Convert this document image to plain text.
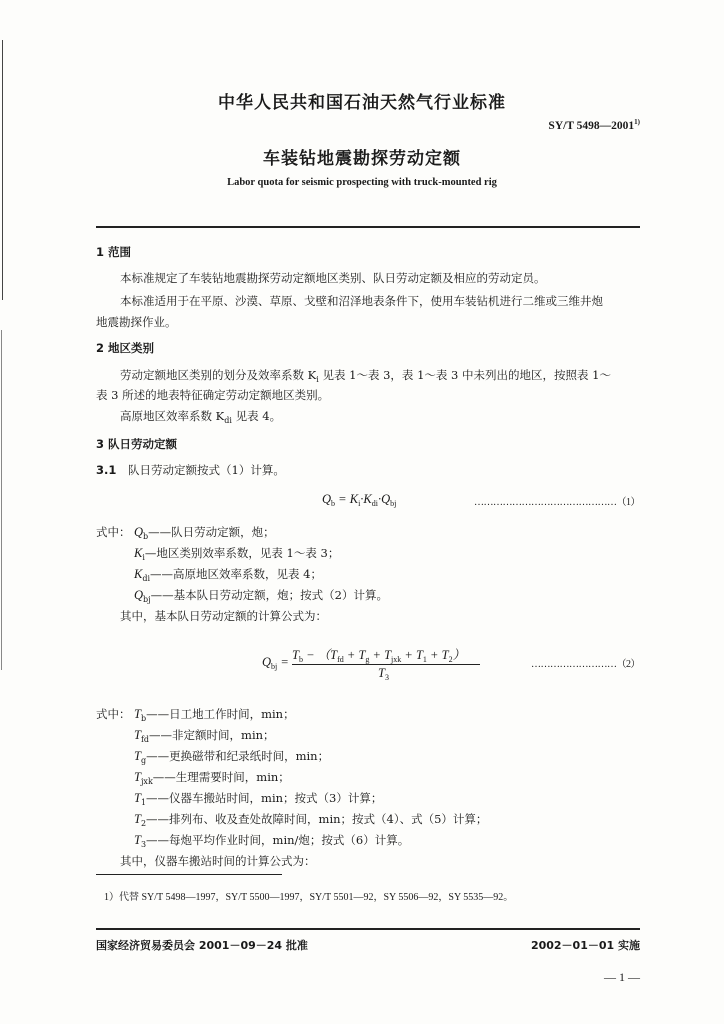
中华人民共和国石油天然气行业标准
SY/T 5498—2001$^{1)}$
车装钻地震勘探劳动定额
Labor quota for seismic prospecting with truck-mounted rig
1 范围
本标准规定了车装钻地震勘探劳动定额地区类别、队日劳动定额及相应的劳动定员。
本标准适用于在平原、沙漠、草原、戈壁和沼泽地表条件下，使用车装钻机进行二维或三维井炮
地震勘探作业。
2 地区类别
劳动定额地区类别的划分及效率系数 $K_i$ 见表 1～表 3，表 1～表 3 中未列出的地区，按照表 1～
表 3 所述的地表特征确定劳动定额地区类别。
高原地区效率系数 $K_{di}$ 见表 4。
3 队日劳动定额
3.1 队日劳动定额按式（1）计算。
$Q_b = K_i\cdot K_{di}\cdot Q_{bj}$	………………………………………（1）
式中： $Q_b——$队日劳动定额，炮；
$K_i—$地区类别效率系数，见表 1～表 3；
$K_{di}——$高原地区效率系数，见表 4；
$Q_{bj}——$基本队日劳动定额，炮；按式（2）计算。
其中，基本队日劳动定额的计算公式为：
$Q_{bj} = T_b - (T_{fd} + T_g + T_{jxk} + T_1 + T_2)$
$T_3$
………………………（2）
式中： $T_b——$日工地工作时间，min；
$T_{fd}——$非定额时间，min；
$T_g——$更换磁带和纪录纸时间，min；
$T_{jxk}——$生理需要时间，min；
$T_1——$仪器车搬站时间，min；按式（3）计算；
$T_2——$排列布、收及查处故障时间，min；按式（4）、式（5）计算；
$T_3——$每炮平均作业时间，min/炮；按式（6）计算。
其中，仪器车搬站时间的计算公式为：
1）代替 SY/T 5498—1997，SY/T 5500—1997，SY/T 5501—92，SY 5506—92，SY 5535—92。
国家经济贸易委员会 2001－09－24 批准	2002－01－01 实施
— 1 —
